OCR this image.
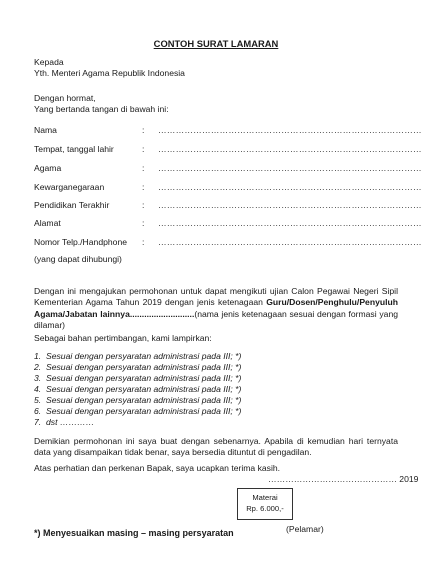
CONTOH SURAT LAMARAN
Kepada
Yth. Menteri Agama Republik Indonesia
Dengan hormat,
Yang bertanda tangan di bawah ini:
Nama	: ………………………………………………………………………………
Tempat, tanggal lahir	: ………………………………………………………………………………
Agama	: ………………………………………………………………………………
Kewarganegaraan	: ………………………………………………………………………………
Pendidikan Terakhir	: ………………………………………………………………………………
Alamat	: ………………………………………………………………………………
Nomor Telp./Handphone : ………………………………………………………………………………
(yang dapat dihubungi)
Dengan ini mengajukan permohonan untuk dapat mengikuti ujian Calon Pegawai Negeri Sipil Kementerian Agama Tahun 2019 dengan jenis ketenagaan Guru/Dosen/Penghulu/Penyuluh Agama/Jabatan lainnya...........................(nama jenis ketenagaan sesuai dengan formasi yang dilamar)
Sebagai bahan pertimbangan, kami lampirkan:
1. Sesuai dengan persyaratan administrasi pada III; *)
2. Sesuai dengan persyaratan administrasi pada III; *)
3. Sesuai dengan persyaratan administrasi pada III; *)
4. Sesuai dengan persyaratan administrasi pada III; *)
5. Sesuai dengan persyaratan administrasi pada III; *)
6. Sesuai dengan persyaratan administrasi pada III; *)
7. dst …………
Demikian permohonan ini saya buat dengan sebenarnya. Apabila di kemudian hari ternyata data yang disampaikan tidak benar, saya bersedia dituntut di pengadilan.
Atas perhatian dan perkenan Bapak, saya ucapkan terima kasih.
……………………………………… 2019
Materai
Rp. 6.000,-
(Pelamar)
*) Menyesuaikan masing – masing persyaratan
